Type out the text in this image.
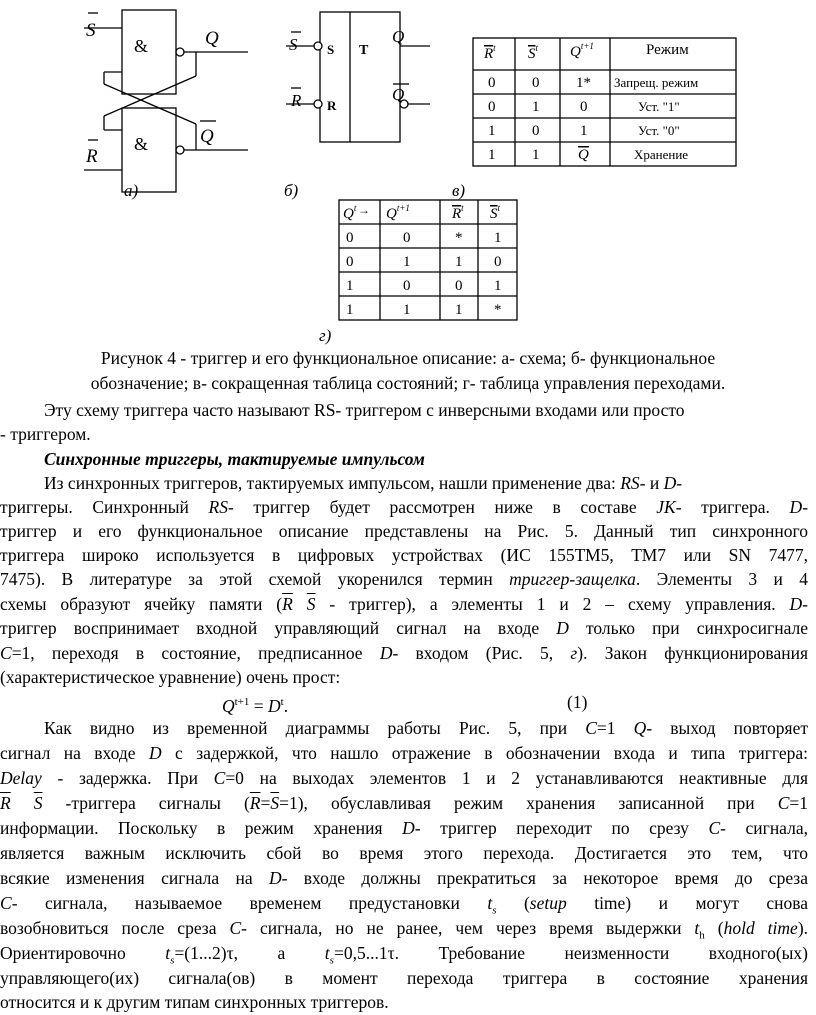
S
R
Q
Q
а)
&
&
S
R
S
R
T
Q
Q
б)
$R^t$ $S^t$ $Q^{t+1}$	Режим
0 0 1* Запрещ. режим
0 1	0	Уст. "1"
1 0	1	Уст. "0"
1 1	Q	Хранение
в)
$Q^t \to Q^{t+1}$	$R^t$ $S^t$
0	0	* 1
0	1	1 0
1	0	0 1
1	1	1 *
г)
Рисунок 4 - триггер и его функциональное описание: а- схема; б- функциональное
обозначение; в- сокращенная таблица состояний; г- таблица управления переходами.
Эту схему триггера часто называют RS- триггером с инверсными входами или просто
- триггером.
Синхронные триггеры, тактируемые импульсом
Из синхронных триггеров, тактируемых импульсом, нашли применение два: RS- и D-
триггеры. Синхронный RS- триггер будет рассмотрен ниже в составе JK- триггера. D-
триггер и его функциональное описание представлены на Рис. 5. Данный тип синхронного
триггера широко используется в цифровых устройствах (ИС 155ТМ5, ТМ7 или SN 7477,
7475). В литературе за этой схемой укоренился термин триггер-защелка. Элементы 3 и 4
схемы образуют ячейку памяти ($\overline{R}$ $\overline{S}$ - триггер), а элементы 1 и 2 – схему управления. D-
триггер воспринимает входной управляющий сигнал на входе D только при синхросигнале
C=1, переходя в состояние, предписанное D- входом (Рис. 5, г). Закон функционирования
(характеристическое уравнение) очень прост:
$Q^{t+1} = D^t$.	(1)
Как видно из временной диаграммы работы Рис. 5, при C=1 Q- выход повторяет
сигнал на входе D с задержкой, что нашло отражение в обозначении входа и типа триггера:
Delay - задержка. При C=0 на выходах элементов 1 и 2 устанавливаются неактивные для
$\overline{R}$ $\overline{S}$ -триггера сигналы $(\overline{R}=\overline{S}=1)$, обуславливая режим хранения записанной при C=1
информации. Поскольку в режим хранения D- триггер переходит по срезу C- сигнала,
является важным исключить сбой во время этого перехода. Достигается это тем, что
всякие изменения сигнала на D- входе должны прекратиться за некоторое время до среза
C- сигнала, называемое временем предустановки $t_s$ (setup time) и могут снова
возобновиться после среза C- сигнала, но не ранее, чем через время выдержки $t_h$ (hold time).
Ориентировочно $t_s=(1...2)\tau$, а $t_s=0,5...1\tau$. Требование неизменности входного(ых)
управляющего(их) сигнала(ов) в момент перехода триггера в состояние хранения
относится и к другим типам синхронных триггеров.
